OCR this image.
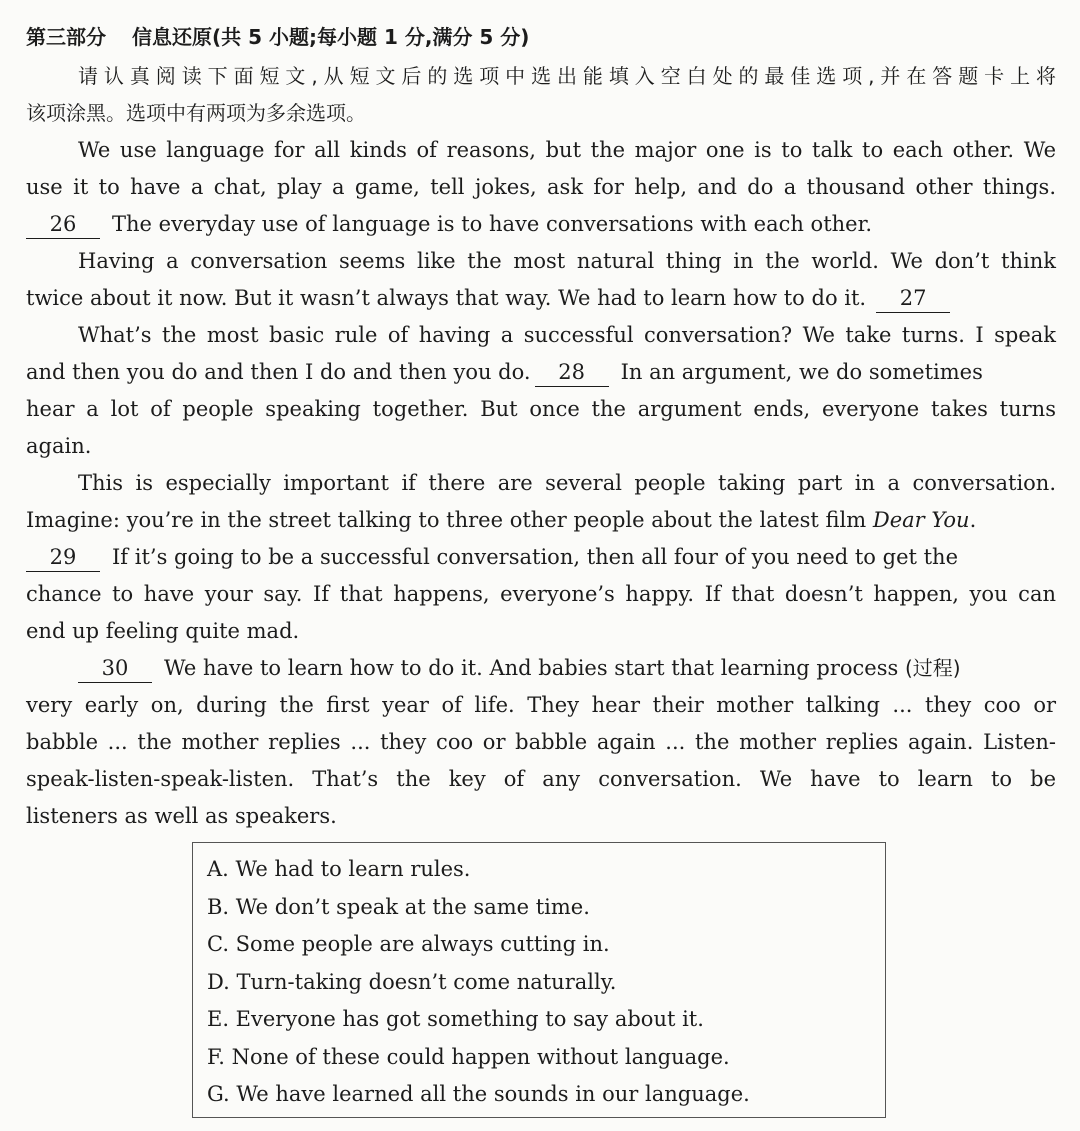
第三部分 信息还原(共 5 小题;每小题 1 分,满分 5 分)
请认真阅读下面短文,从短文后的选项中选出能填入空白处的最佳选项,并在答题卡上将
该项涂黑。选项中有两项为多余选项。
We use language for all kinds of reasons, but the major one is to talk to each other. We
use it to have a chat, play a game, tell jokes, ask for help, and do a thousand other things.
26 The everyday use of language is to have conversations with each other.
Having a conversation seems like the most natural thing in the world. We don’t think
twice about it now. But it wasn’t always that way. We had to learn how to do it. 27
What’s the most basic rule of having a successful conversation? We take turns. I speak
and then you do and then I do and then you do. 28 In an argument, we do sometimes
hear a lot of people speaking together. But once the argument ends, everyone takes turns
again.
This is especially important if there are several people taking part in a conversation.
Imagine: you’re in the street talking to three other people about the latest film Dear You.
29 If it’s going to be a successful conversation, then all four of you need to get the
chance to have your say. If that happens, everyone’s happy. If that doesn’t happen, you can
end up feeling quite mad.
30 We have to learn how to do it. And babies start that learning process (过程)
very early on, during the first year of life. They hear their mother talking ... they coo or
babble ... the mother replies ... they coo or babble again ... the mother replies again. Listen-
speak-listen-speak-listen. That’s the key of any conversation. We have to learn to be
listeners as well as speakers.
A. We had to learn rules.
B. We don’t speak at the same time.
C. Some people are always cutting in.
D. Turn-taking doesn’t come naturally.
E. Everyone has got something to say about it.
F. None of these could happen without language.
G. We have learned all the sounds in our language.
